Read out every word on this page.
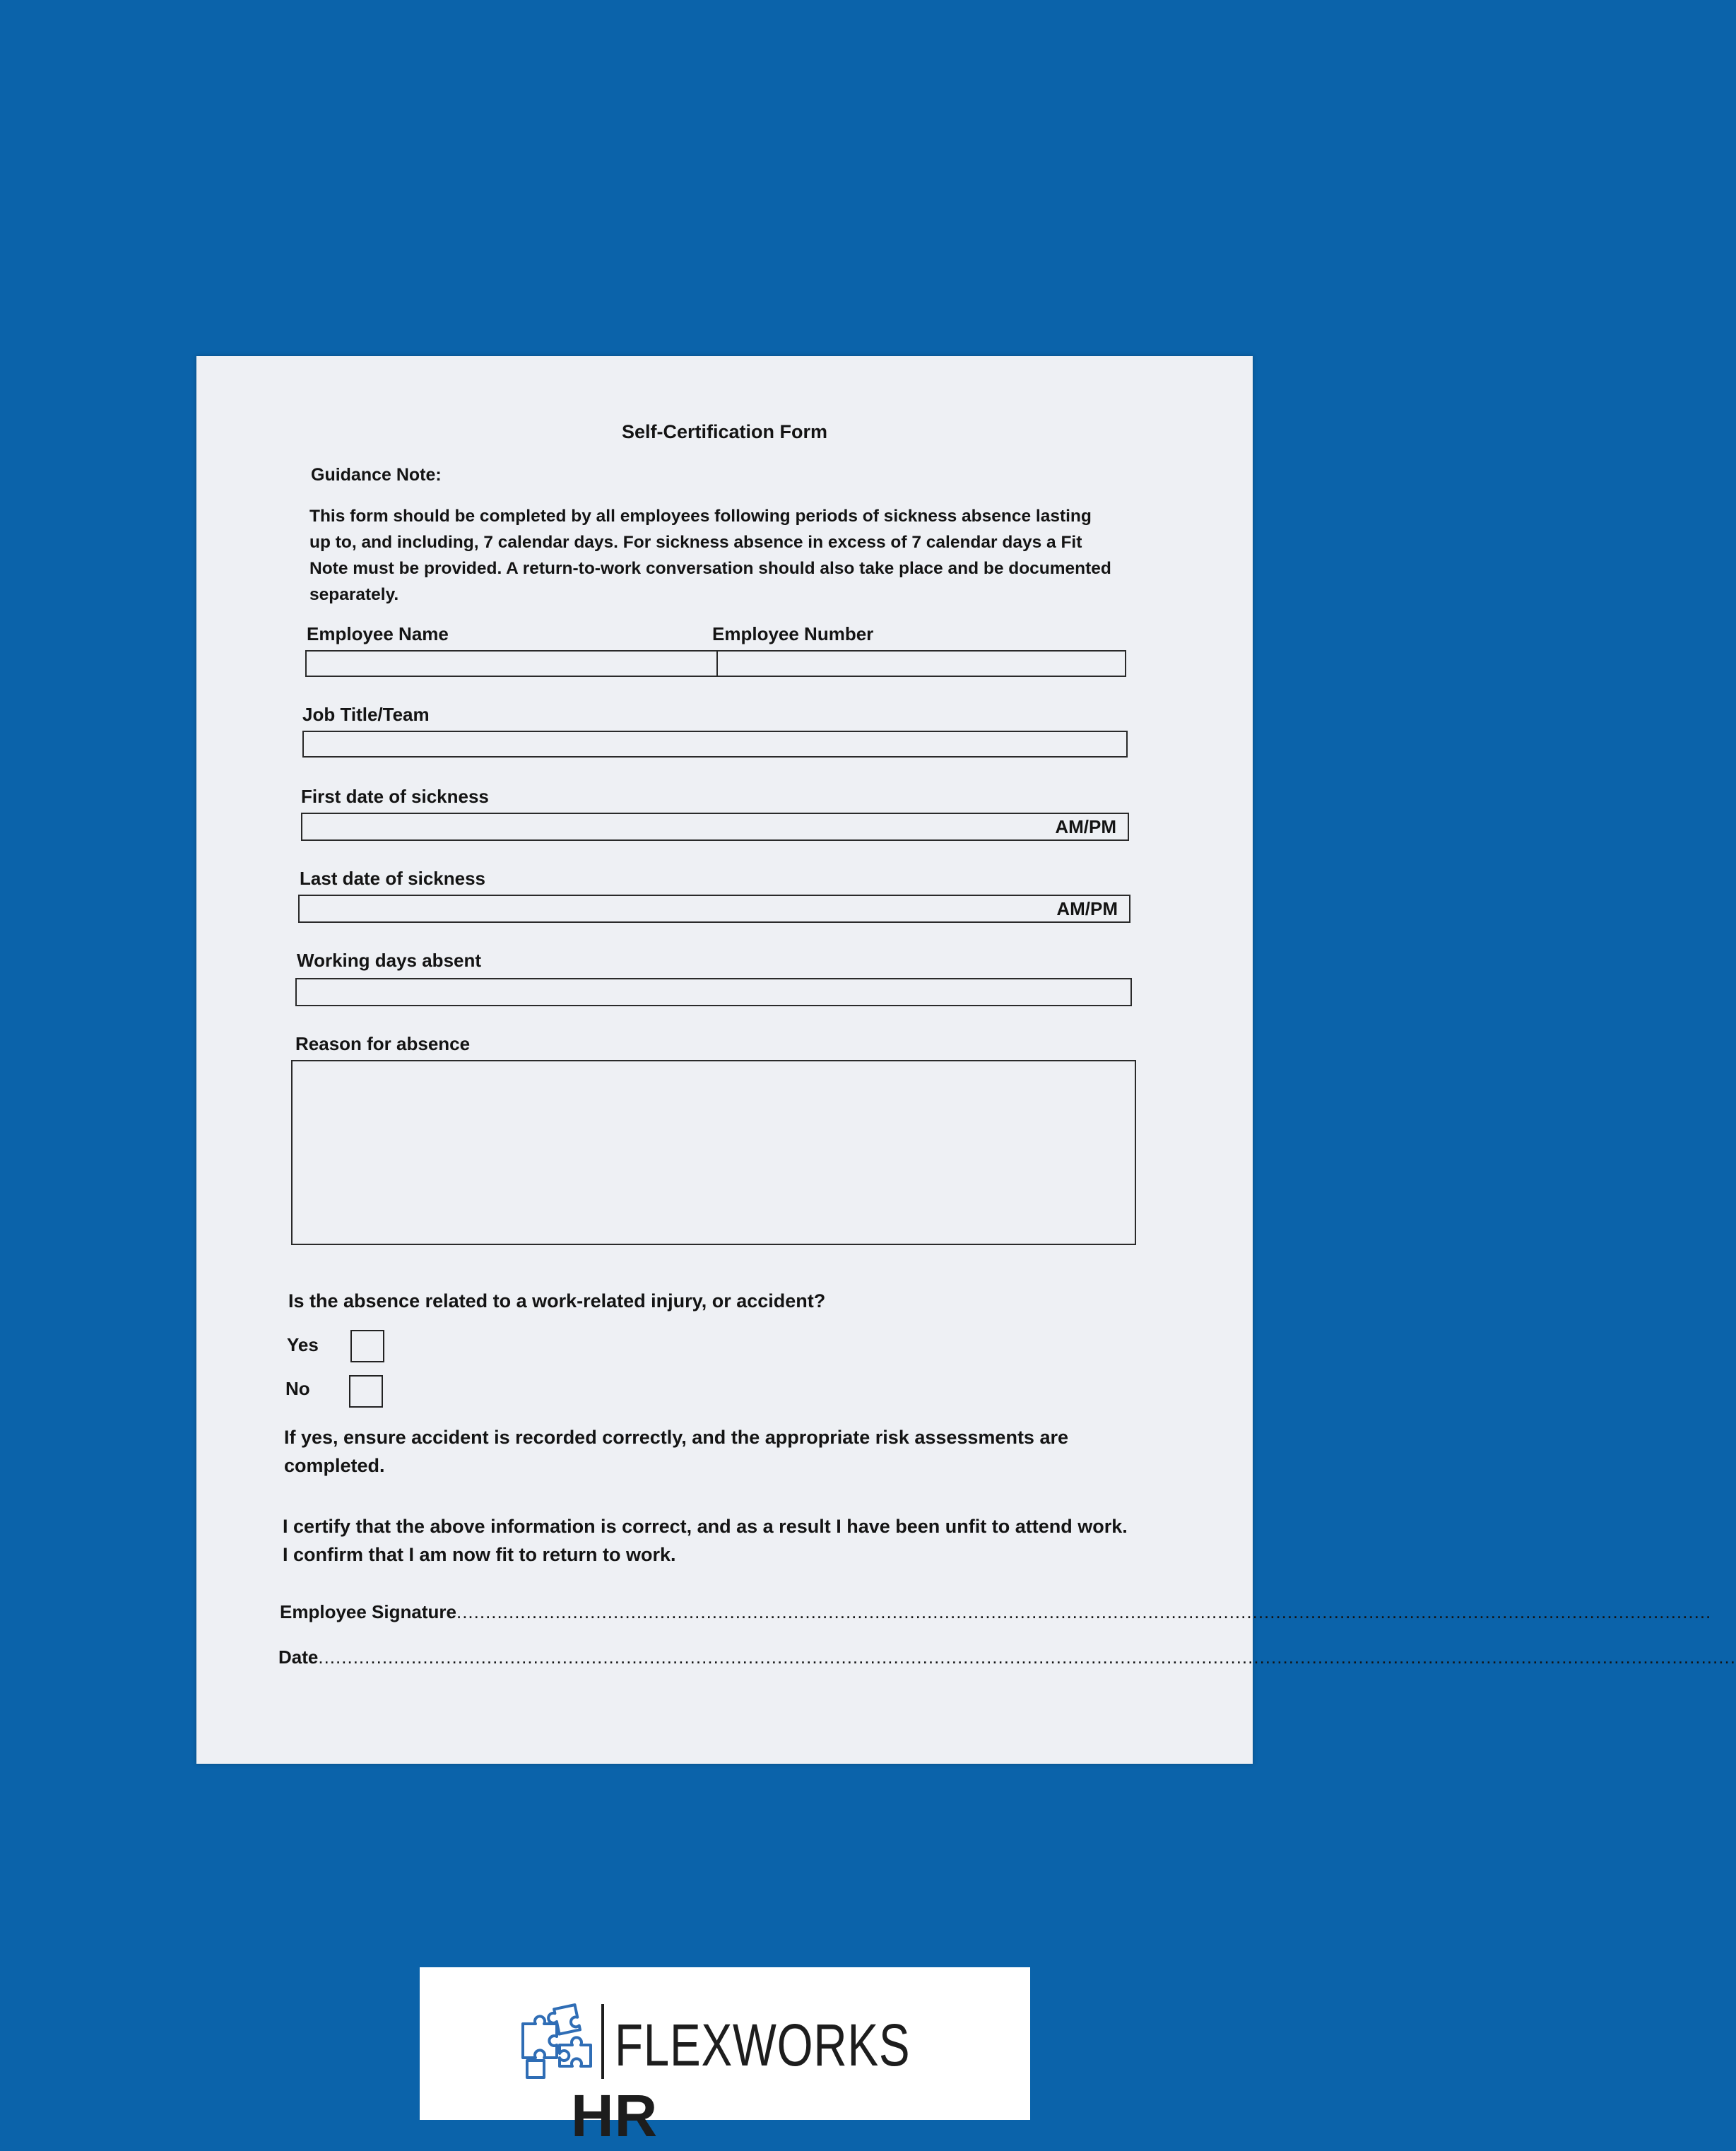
Self-Certification Form
Guidance Note:
This form should be completed by all employees following periods of sickness absence lasting up to, and including, 7 calendar days. For sickness absence in excess of 7 calendar days a Fit Note must be provided. A return-to-work conversation should also take place and be documented separately.
Employee Name	Employee Number
Job Title/Team
First date of sickness
AM/PM
Last date of sickness
AM/PM
Working days absent
Reason for absence
Is the absence related to a work-related injury, or accident?
Yes
No
If yes, ensure accident is recorded correctly, and the appropriate risk assessments are completed.
I certify that the above information is correct, and as a result I have been unfit to attend work.
I confirm that I am now fit to return to work.
Employee Signature........................................................................................................................................................................................................................
Date....................................................................................................................................................................................................................................................
FLEXWORKSHR
